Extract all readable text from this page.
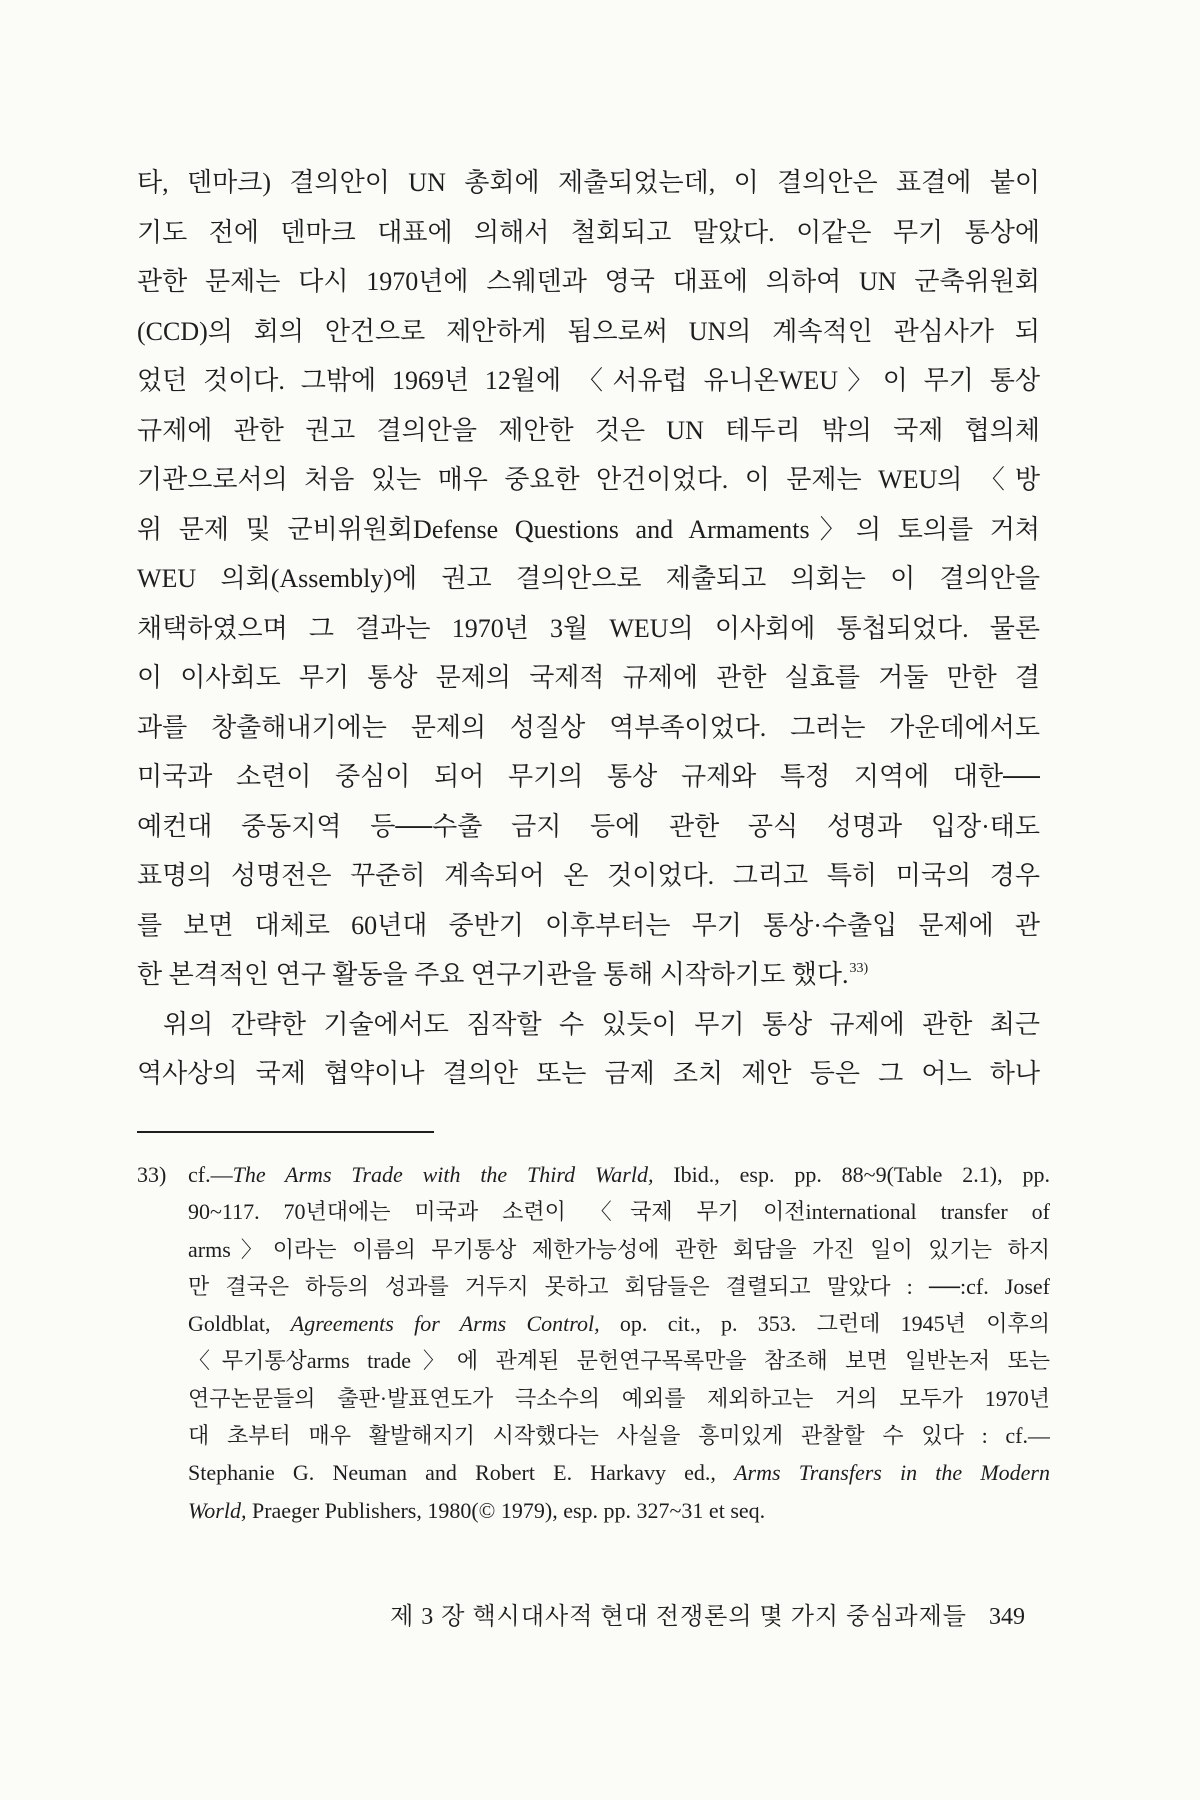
타, 덴마크) 결의안이 UN 총회에 제출되었는데, 이 결의안은 표결에 붙이
기도 전에 덴마크 대표에 의해서 철회되고 말았다. 이같은 무기 통상에
관한 문제는 다시 1970년에 스웨덴과 영국 대표에 의하여 UN 군축위원회
(CCD)의 회의 안건으로 제안하게 됨으로써 UN의 계속적인 관심사가 되
었던 것이다. 그밖에 1969년 12월에 〈서유럽 유니온WEU〉이 무기 통상
규제에 관한 권고 결의안을 제안한 것은 UN 테두리 밖의 국제 협의체
기관으로서의 처음 있는 매우 중요한 안건이었다. 이 문제는 WEU의 〈방
위 문제 및 군비위원회Defense Questions and Armaments〉의 토의를 거쳐
WEU 의회(Assembly)에 권고 결의안으로 제출되고 의회는 이 결의안을
채택하였으며 그 결과는 1970년 3월 WEU의 이사회에 통첩되었다. 물론
이 이사회도 무기 통상 문제의 국제적 규제에 관한 실효를 거둘 만한 결
과를 창출해내기에는 문제의 성질상 역부족이었다. 그러는 가운데에서도
미국과 소련이 중심이 되어 무기의 통상 규제와 특정 지역에 대한──
예컨대 중동지역 등──수출 금지 등에 관한 공식 성명과 입장·태도
표명의 성명전은 꾸준히 계속되어 온 것이었다. 그리고 특히 미국의 경우
를 보면 대체로 60년대 중반기 이후부터는 무기 통상·수출입 문제에 관
한 본격적인 연구 활동을 주요 연구기관을 통해 시작하기도 했다.$^{33)}$
위의 간략한 기술에서도 짐작할 수 있듯이 무기 통상 규제에 관한 최근
역사상의 국제 협약이나 결의안 또는 금제 조치 제안 등은 그 어느 하나
33) cf.—The Arms Trade with the Third Warld, Ibid., esp. pp. 88~9(Table 2.1), pp.
90~117. 70년대에는 미국과 소련이 〈국제 무기 이전international transfer of
arms〉이라는 이름의 무기통상 제한가능성에 관한 회담을 가진 일이 있기는 하지
만 결국은 하등의 성과를 거두지 못하고 회담들은 결렬되고 말았다 : ──:cf. Josef
Goldblat, Agreements for Arms Control, op. cit., p. 353. 그런데 1945년 이후의
〈무기통상arms trade〉에 관계된 문헌연구목록만을 참조해 보면 일반논저 또는
연구논문들의 출판·발표연도가 극소수의 예외를 제외하고는 거의 모두가 1970년
대 초부터 매우 활발해지기 시작했다는 사실을 흥미있게 관찰할 수 있다 : cf.—
Stephanie G. Neuman and Robert E. Harkavy ed., Arms Transfers in the Modern
World, Praeger Publishers, 1980(© 1979), esp. pp. 327~31 et seq.
제 3 장 핵시대사적 현대 전쟁론의 몇 가지 중심과제들 349
